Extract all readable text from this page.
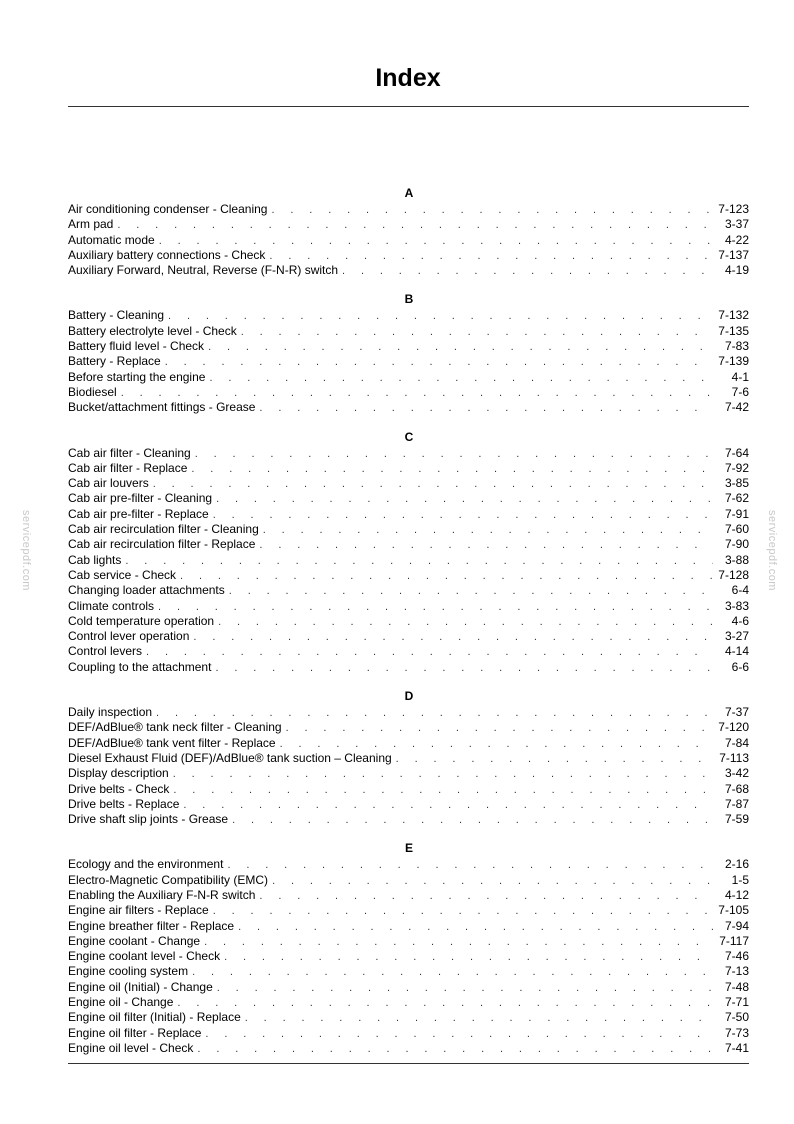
Index
A
Air conditioning condenser - Cleaning . . .	7-123
Arm pad . . .	3-37
Automatic mode . . .	4-22
Auxiliary battery connections - Check . . .	7-137
Auxiliary Forward, Neutral, Reverse (F-N-R) switch . . .	4-19
B
Battery - Cleaning . . .	7-132
Battery electrolyte level - Check . . .	7-135
Battery fluid level - Check . . .	7-83
Battery - Replace . . .	7-139
Before starting the engine . . .	4-1
Biodiesel . . .	7-6
Bucket/attachment fittings - Grease . . .	7-42
C
Cab air filter - Cleaning . . .	7-64
Cab air filter - Replace . . .	7-92
Cab air louvers . . .	3-85
Cab air pre-filter - Cleaning . . .	7-62
Cab air pre-filter - Replace . . .	7-91
Cab air recirculation filter - Cleaning . . .	7-60
Cab air recirculation filter - Replace . . .	7-90
Cab lights . . .	3-88
Cab service - Check . . .	7-128
Changing loader attachments . . .	6-4
Climate controls . . .	3-83
Cold temperature operation . . .	4-6
Control lever operation . . .	3-27
Control levers . . .	4-14
Coupling to the attachment . . .	6-6
D
Daily inspection . . .	7-37
DEF/AdBlue® tank neck filter - Cleaning . . .	7-120
DEF/AdBlue® tank vent filter - Replace . . .	7-84
Diesel Exhaust Fluid (DEF)/AdBlue® tank suction – Cleaning . . .	7-113
Display description . . .	3-42
Drive belts - Check . . .	7-68
Drive belts - Replace . . .	7-87
Drive shaft slip joints - Grease . . .	7-59
E
Ecology and the environment . . .	2-16
Electro-Magnetic Compatibility (EMC) . . .	1-5
Enabling the Auxiliary F-N-R switch . . .	4-12
Engine air filters - Replace . . .	7-105
Engine breather filter - Replace . . .	7-94
Engine coolant - Change . . .	7-117
Engine coolant level - Check . . .	7-46
Engine cooling system . . .	7-13
Engine oil (Initial) - Change . . .	7-48
Engine oil - Change . . .	7-71
Engine oil filter (Initial) - Replace . . .	7-50
Engine oil filter - Replace . . .	7-73
Engine oil level - Check . . .	7-41
servicepdf.com	servicepdf.com
